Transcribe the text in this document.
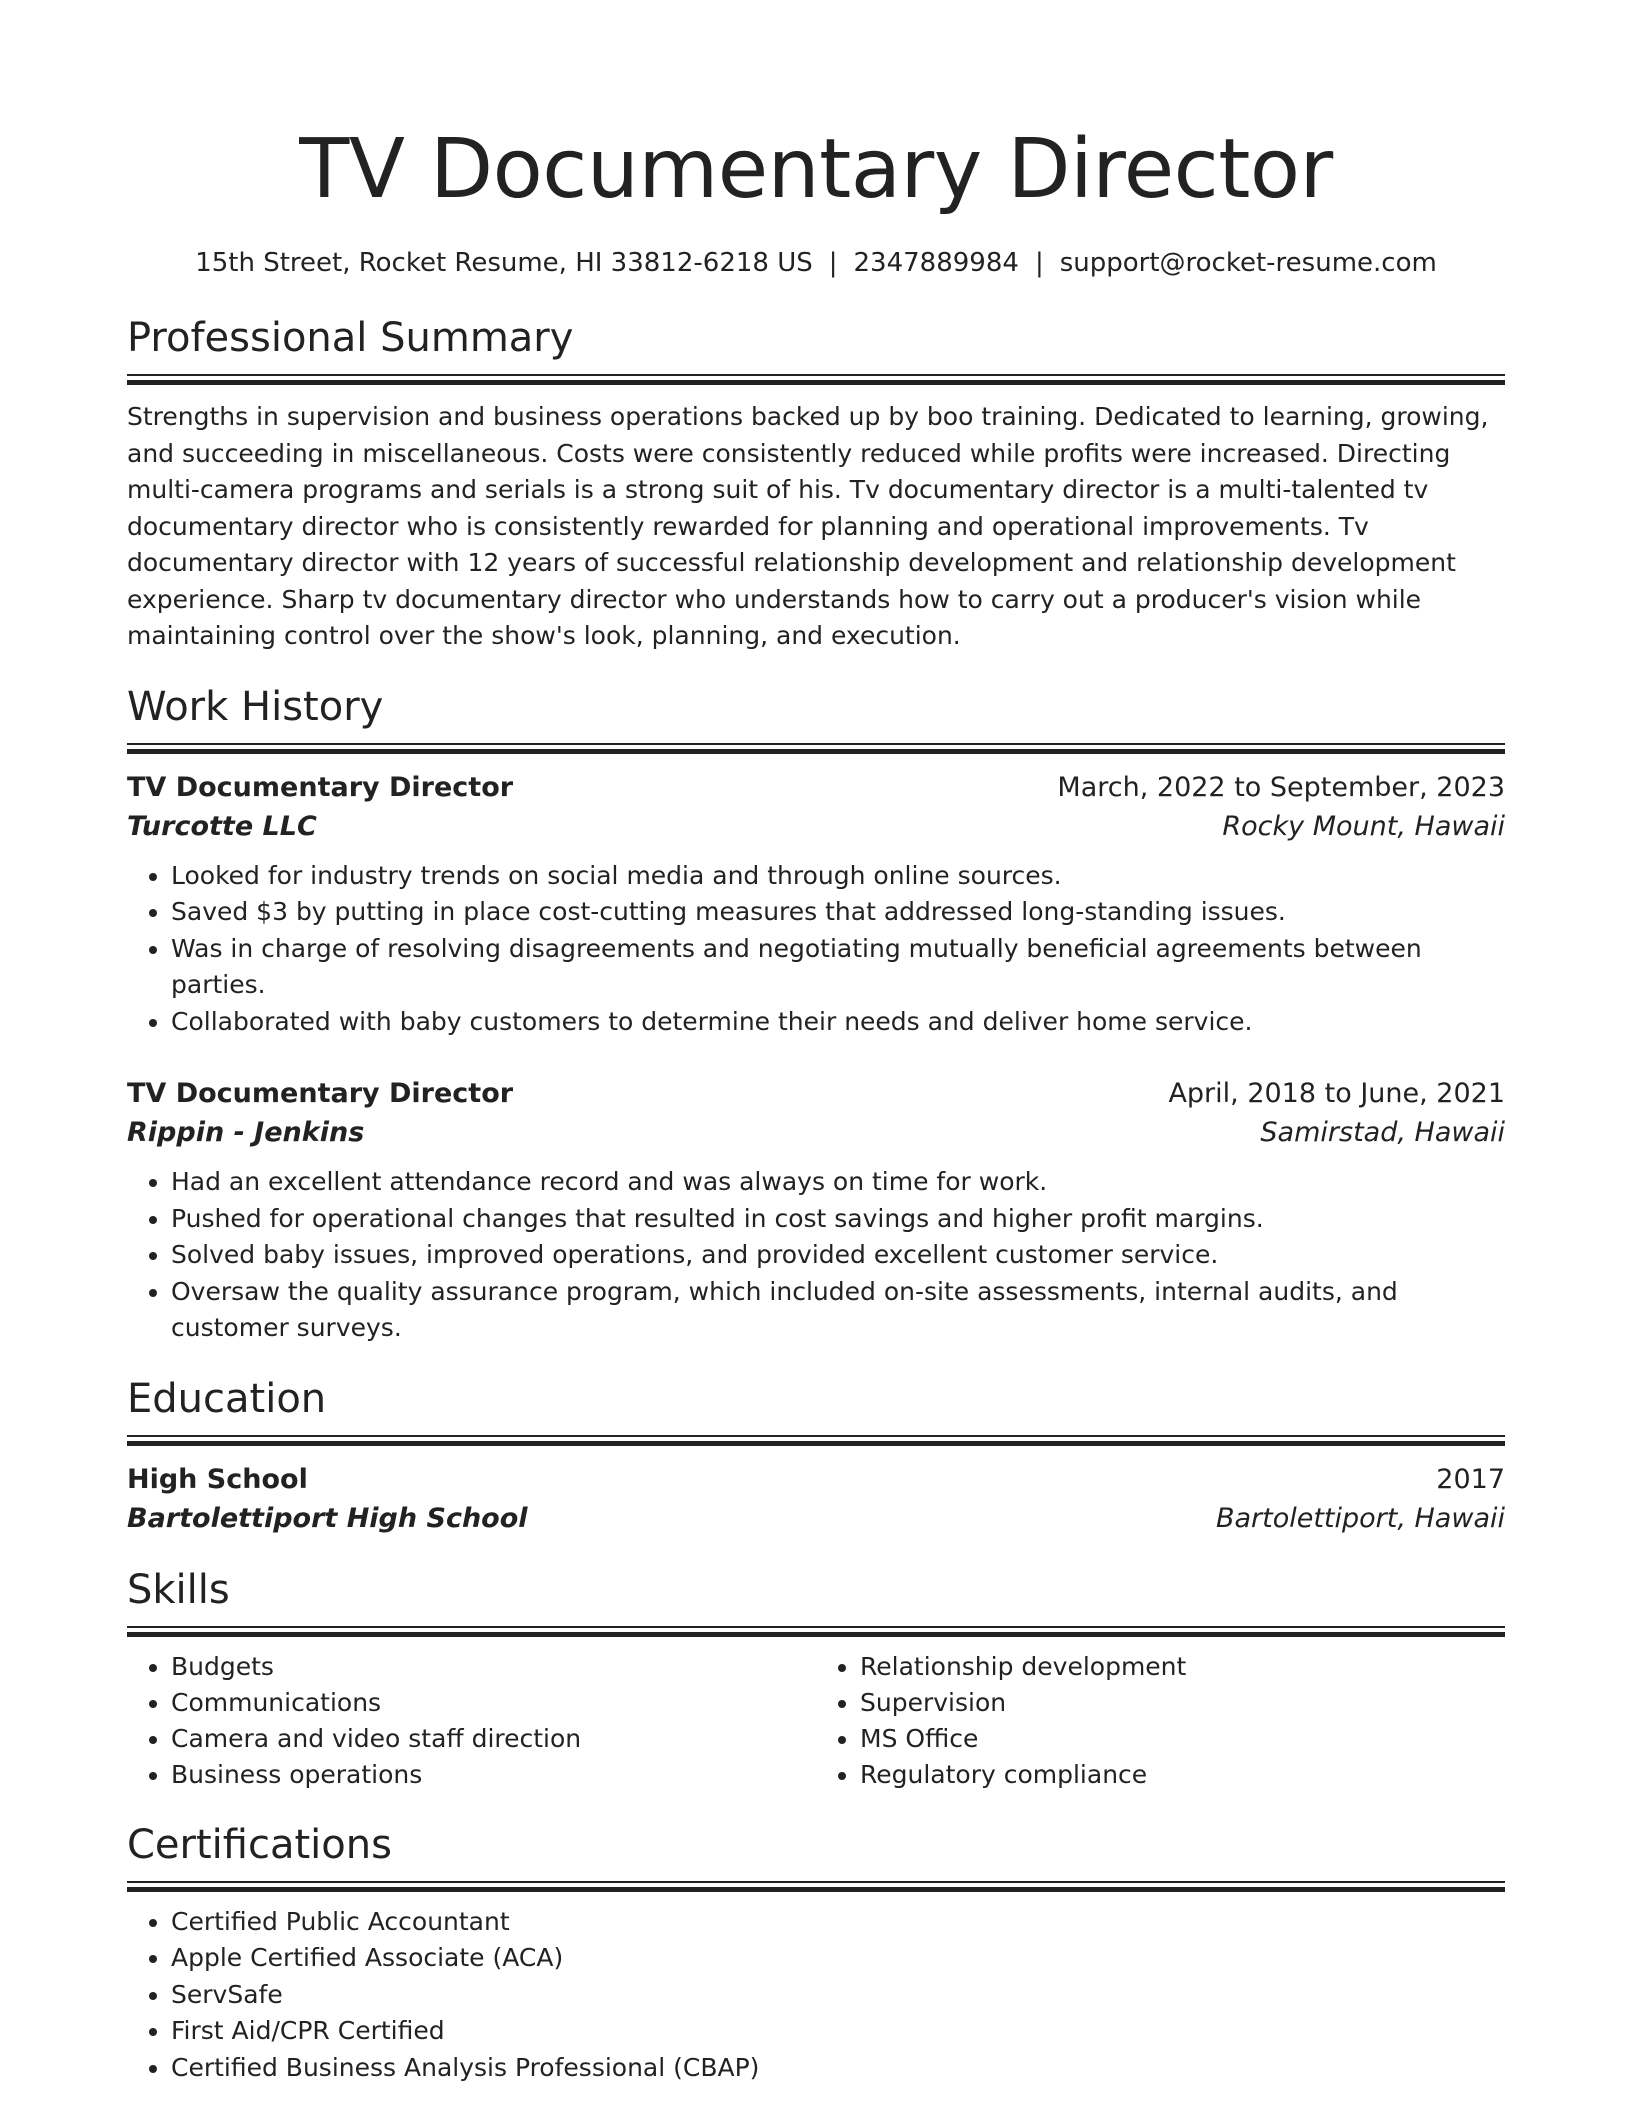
TV Documentary Director
15th Street, Rocket Resume, HI 33812-6218 US | 2347889984 | support@rocket-resume.com
Professional Summary
Strengths in supervision and business operations backed up by boo training. Dedicated to learning, growing, and succeeding in miscellaneous. Costs were consistently reduced while profits were increased. Directing multi-camera programs and serials is a strong suit of his. Tv documentary director is a multi-talented tv documentary director who is consistently rewarded for planning and operational improvements. Tv documentary director with 12 years of successful relationship development and relationship development experience. Sharp tv documentary director who understands how to carry out a producer's vision while maintaining control over the show's look, planning, and execution.
Work History
TV Documentary Director	March, 2022 to September, 2023
Turcotte LLC	Rocky Mount, Hawaii
• Looked for industry trends on social media and through online sources.
• Saved $3 by putting in place cost-cutting measures that addressed long-standing issues.
• Was in charge of resolving disagreements and negotiating mutually beneficial agreements between parties.
• Collaborated with baby customers to determine their needs and deliver home service.
TV Documentary Director	April, 2018 to June, 2021
Rippin - Jenkins	Samirstad, Hawaii
• Had an excellent attendance record and was always on time for work.
• Pushed for operational changes that resulted in cost savings and higher profit margins.
• Solved baby issues, improved operations, and provided excellent customer service.
• Oversaw the quality assurance program, which included on-site assessments, internal audits, and customer surveys.
Education
High School	2017
Bartolettiport High School	Bartolettiport, Hawaii
Skills
• Budgets
• Communications
• Camera and video staff direction
• Business operations
• Relationship development
• Supervision
• MS Office
• Regulatory compliance
Certifications
• Certified Public Accountant
• Apple Certified Associate (ACA)
• ServSafe
• First Aid/CPR Certified
• Certified Business Analysis Professional (CBAP)
